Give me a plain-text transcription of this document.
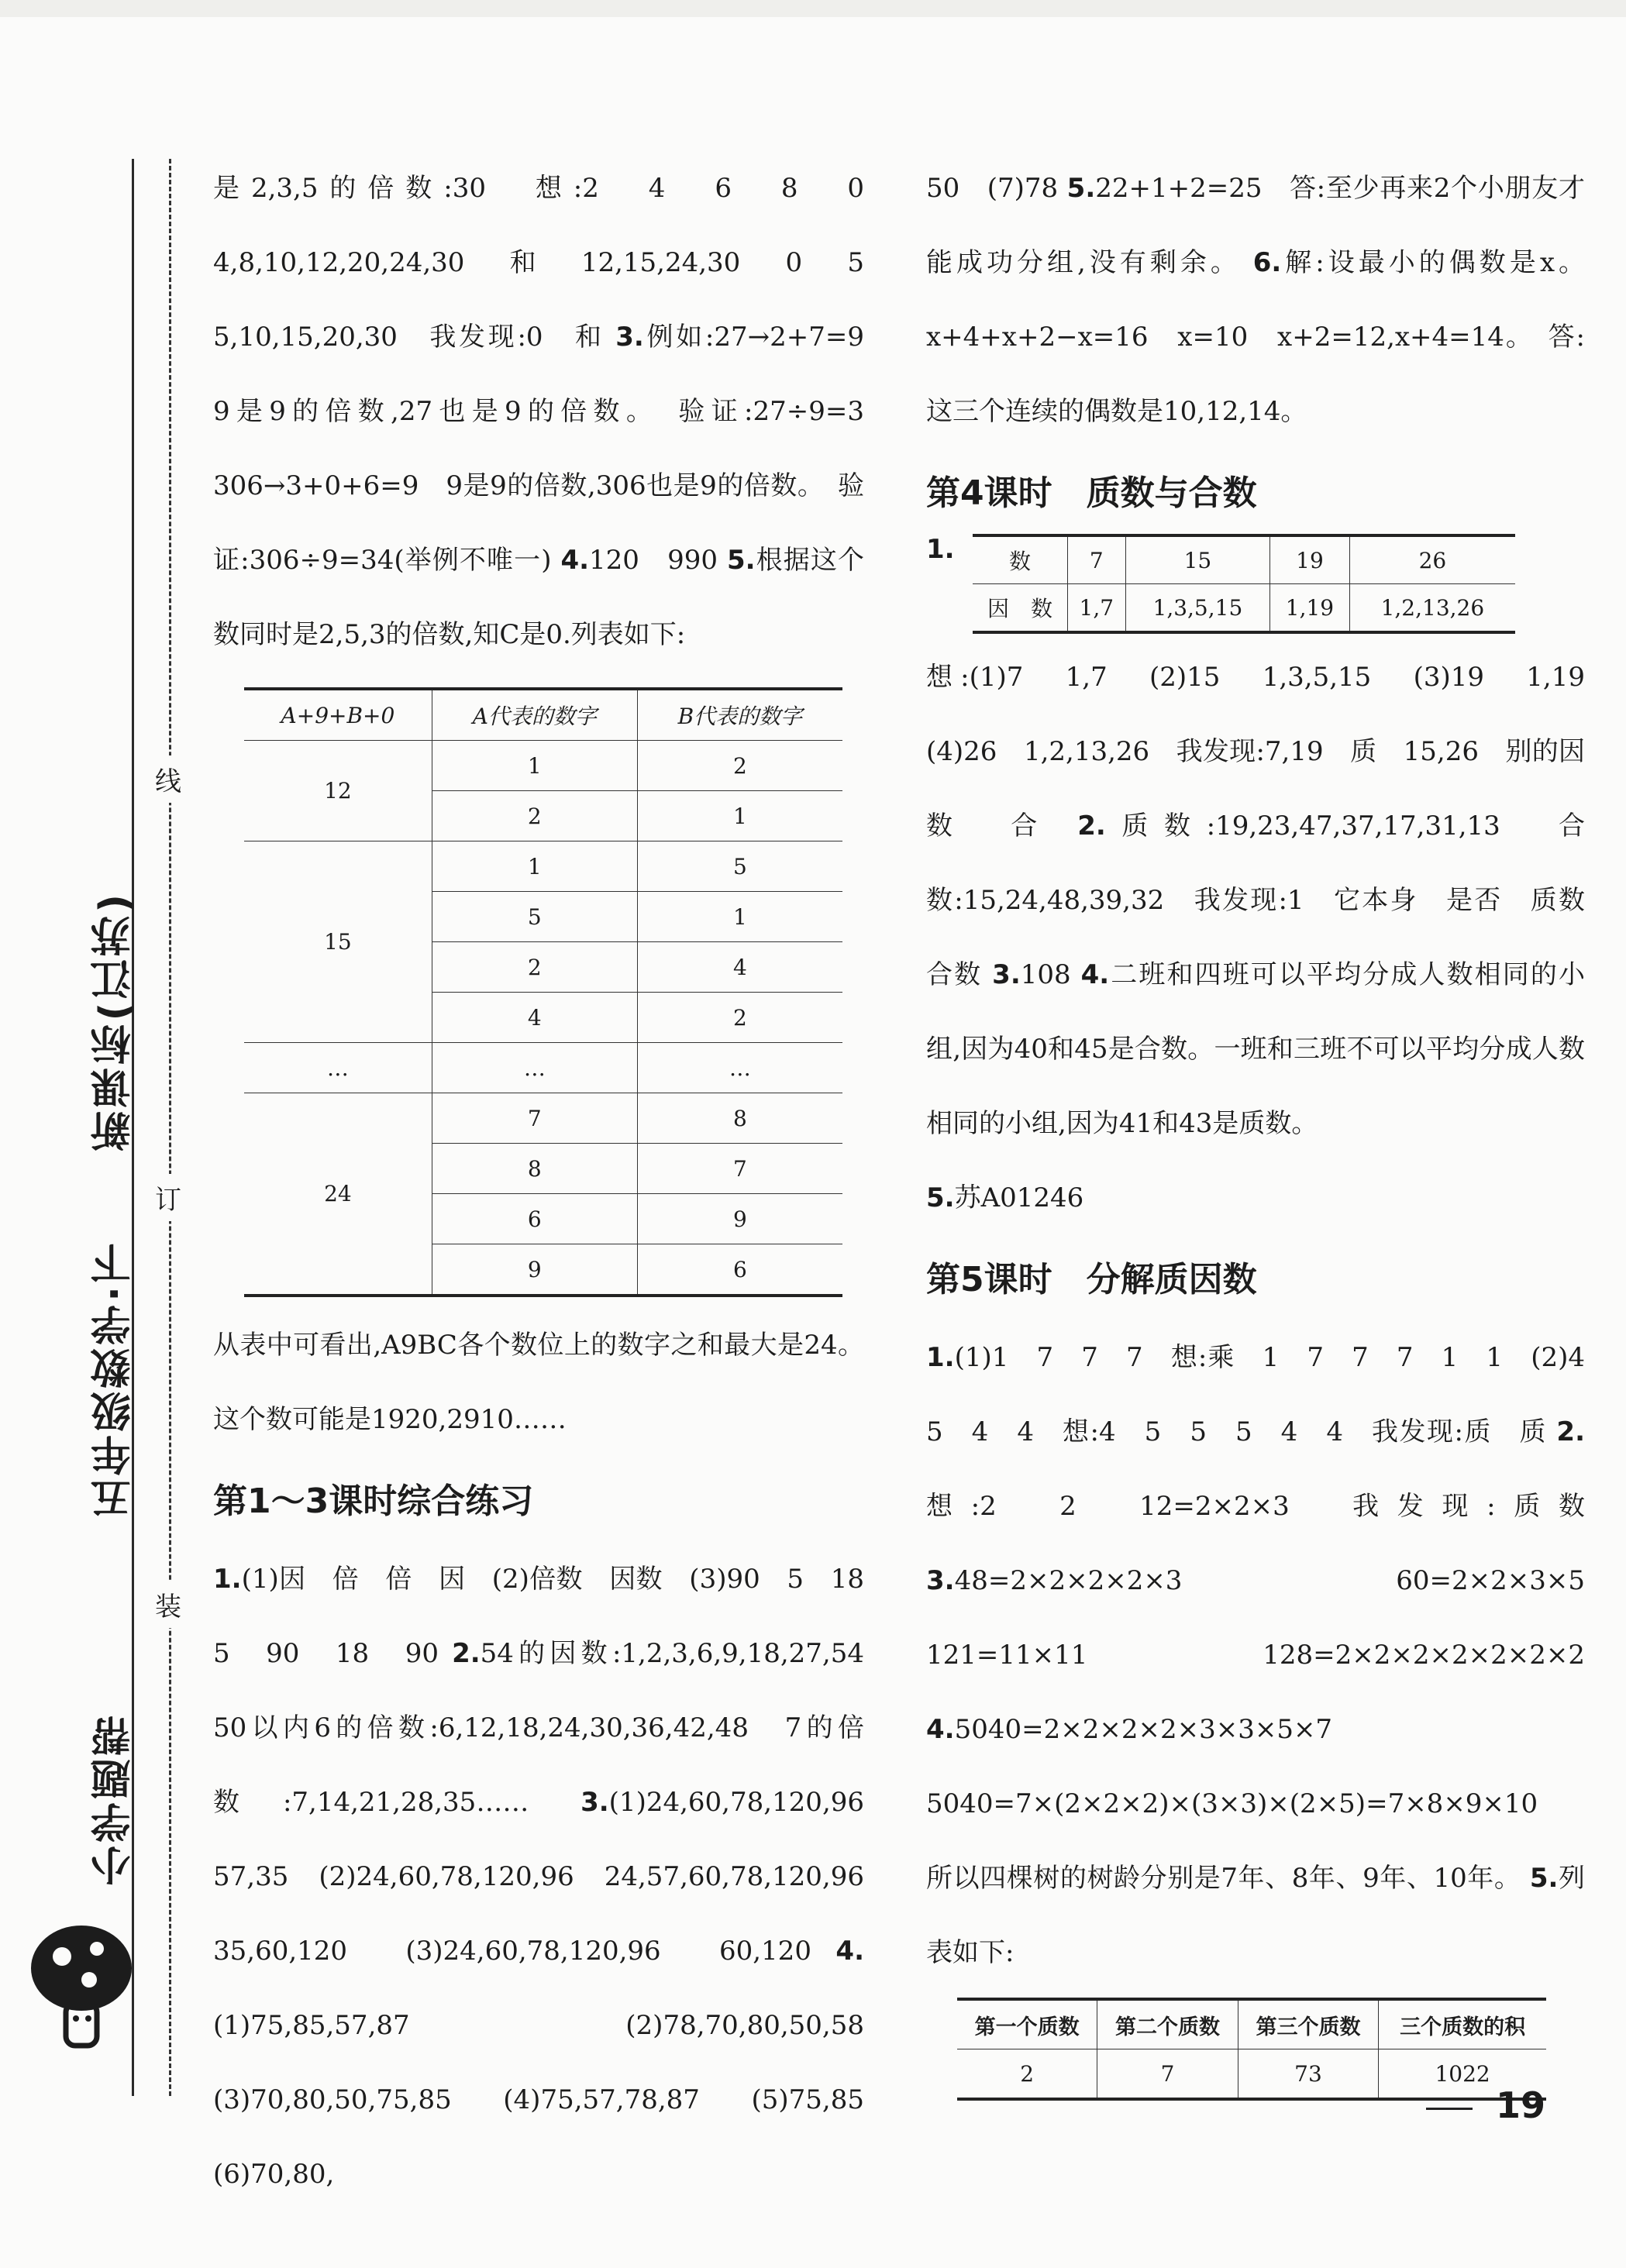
线
订
装
新课标(江苏)
五年级数学·下
小学题帮

是2,3,5的倍数:30　想:2　4　6　8　0　4,8,10,12,20,24,30　和　12,15,24,30　0　5　5,10,15,20,30　我发现:0　和 3.例如:27→2+7=9　9是9的倍数,27也是9的倍数。　验证:27÷9=3　306→3+0+6=9　9是9的倍数,306也是9的倍数。　验证:306÷9=34(举例不唯一) 4.120　990 5.根据这个数同时是2,5,3的倍数,知C是0.列表如下:

A+9+B+0	A代表的数字	B代表的数字
12	1	2
	2	1
15	1	5
	5	1
	2	4
	4	2
…	…	…
24	7	8
	8	7
	6	9
	9	6

从表中可看出,A9BC各个数位上的数字之和最大是24。这个数可能是1920,2910……

第1～3课时综合练习

1.(1)因　倍　倍　因　(2)倍数　因数　(3)90　5　18　5　90　18　90 2.54的因数:1,2,3,6,9,18,27,54　50以内6的倍数:6,12,18,24,30,36,42,48　7的倍数:7,14,21,28,35…… 3.(1)24,60,78,120,96　57,35　(2)24,60,78,120,96　24,57,60,78,120,96　35,60,120　(3)24,60,78,120,96　60,120 4.(1)75,85,57,87　(2)78,70,80,50,58　(3)70,80,50,75,85　(4)75,57,78,87　(5)75,85　(6)70,80,

50　(7)78 5.22+1+2=25　答:至少再来2个小朋友才能成功分组,没有剩余。 6.解:设最小的偶数是x。x+4+x+2−x=16　x=10　x+2=12,x+4=14。　答:这三个连续的偶数是10,12,14。

第4课时　质数与合数
1.	数	7	15	19	26
因　数	1,7	1,3,5,15	1,19	1,2,13,26

想:(1)7　1,7　(2)15　1,3,5,15　(3)19　1,19　(4)26　1,2,13,26　我发现:7,19　质　15,26　别的因数　合 2.质数:19,23,47,37,17,31,13　合数:15,24,48,39,32　我发现:1　它本身　是否　质数　合数 3.108 4.二班和四班可以平均分成人数相同的小组,因为40和45是合数。一班和三班不可以平均分成人数相同的小组,因为41和43是质数。
5.苏A01246

第5课时　分解质因数

1.(1)1　7　7　7　想:乘　1　7　7　7　1　1　(2)4　5　4　4　想:4　5　5　5　4　4　我发现:质　质 2.想:2　2　12=2×2×3　我发现:质数 3.48=2×2×2×2×3　60=2×2×3×5　121=11×11　128=2×2×2×2×2×2×2 4.5040=2×2×2×2×3×3×5×7　5040=7×(2×2×2)×(3×3)×(2×5)=7×8×9×10　所以四棵树的树龄分别是7年、8年、9年、10年。 5.列表如下:

第一个质数	第二个质数	第三个质数	三个质数的积
2	7	73	1022
19
